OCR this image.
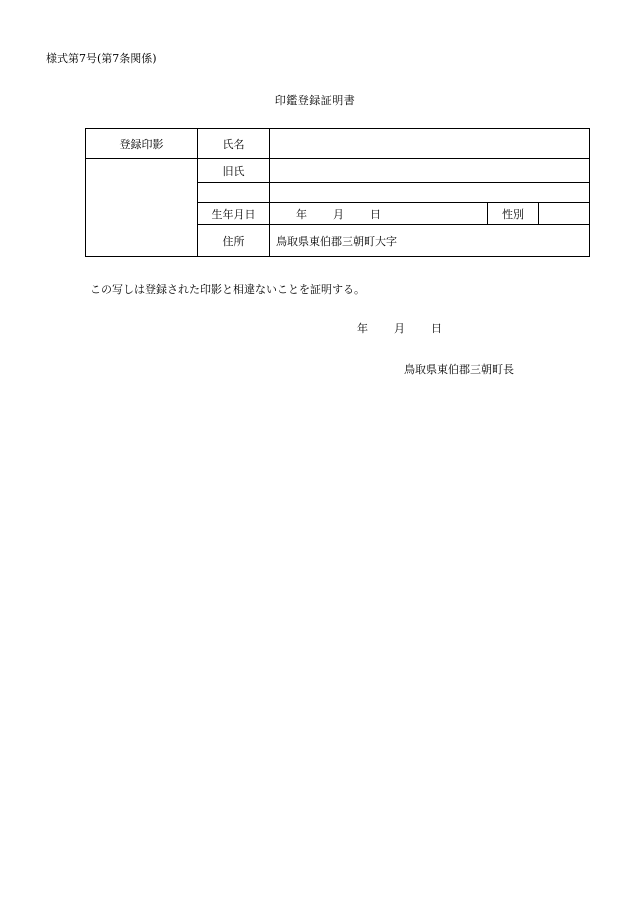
様式第7号(第7条関係)
印鑑登録証明書
登録印影	氏名			
	旧氏			

	生年月日	年 月 日	性別	
	住所	鳥取県東伯郡三朝町大字		
この写しは登録された印影と相違ないことを証明する。
年 月 日
鳥取県東伯郡三朝町長
